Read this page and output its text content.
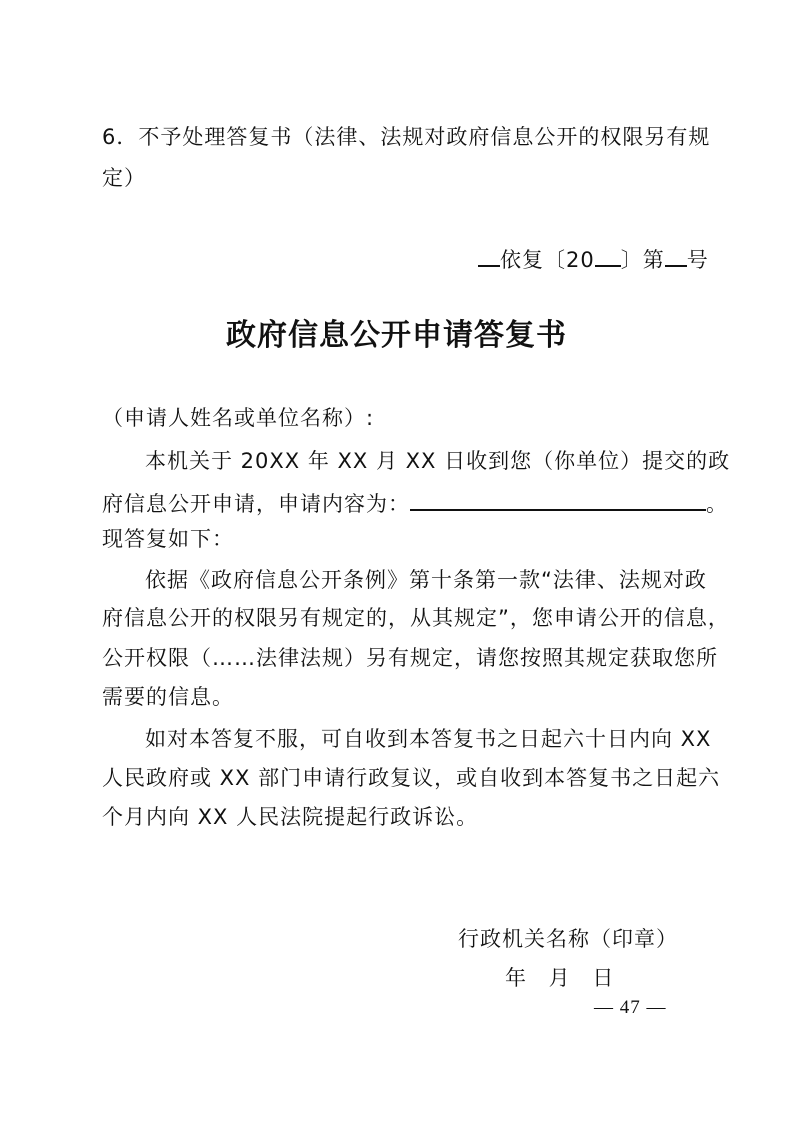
6．不予处理答复书（法律、法规对政府信息公开的权限另有规
定）
依复〔20 〕第 号
政府信息公开申请答复书
（申请人姓名或单位名称）:
本机关于 20XX 年 XX 月 XX 日收到您（你单位）提交的政
府信息公开申请，申请内容为：	。
现答复如下：
依据《政府信息公开条例》第十条第一款“法律、法规对政
府信息公开的权限另有规定的，从其规定”，您申请公开的信息，
公开权限（……法律法规）另有规定，请您按照其规定获取您所
需要的信息。
如对本答复不服，可自收到本答复书之日起六十日内向 XX
人民政府或 XX 部门申请行政复议，或自收到本答复书之日起六
个月内向 XX 人民法院提起行政诉讼。
行政机关名称（印章）
年 月 日
— 47 —
